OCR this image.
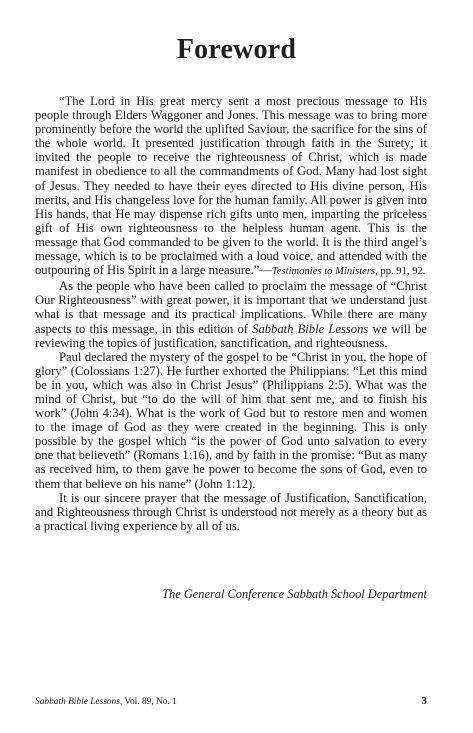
Foreword

“The Lord in His great mercy sent a most precious message to His people through Elders Waggoner and Jones. This message was to bring more prominently before the world the uplifted Saviour, the sacrifice for the sins of the whole world. It presented justification through faith in the Surety; it invited the people to receive the righteousness of Christ, which is made manifest in obedience to all the commandments of God. Many had lost sight of Jesus. They needed to have their eyes directed to His divine person, His merits, and His changeless love for the human family. All power is given into His hands, that He may dispense rich gifts unto men, imparting the priceless gift of His own righteousness to the helpless human agent. This is the message that God commanded to be given to the world. It is the third angel’s message, which is to be proclaimed with a loud voice, and attended with the outpouring of His Spirit in a large measure.”—Testimonies to Ministers, pp. 91, 92.

As the people who have been called to proclaim the message of “Christ Our Righteousness” with great power, it is important that we understand just what is that message and its practical implications. While there are many aspects to this message, in this edition of Sabbath Bible Lessons we will be reviewing the topics of justification, sanctification, and righteousness.

Paul declared the mystery of the gospel to be “Christ in you, the hope of glory” (Colossians 1:27). He further exhorted the Philippians: “Let this mind be in you, which was also in Christ Jesus” (Philippians 2:5). What was the mind of Christ, but “to do the will of him that sent me, and to finish his work” (John 4:34). What is the work of God but to restore men and women to the image of God as they were created in the beginning. This is only possible by the gospel which “is the power of God unto salvation to every one that believeth” (Romans 1:16), and by faith in the promise: “But as many as received him, to them gave he power to become the sons of God, even to them that believe on his name” (John 1:12).

It is our sincere prayer that the message of Justification, Sanctification, and Righteousness through Christ is understood not merely as a theory but as a practical living experience by all of us.

The General Conference Sabbath School Department
Sabbath Bible Lessons, Vol. 89, No. 1	3
